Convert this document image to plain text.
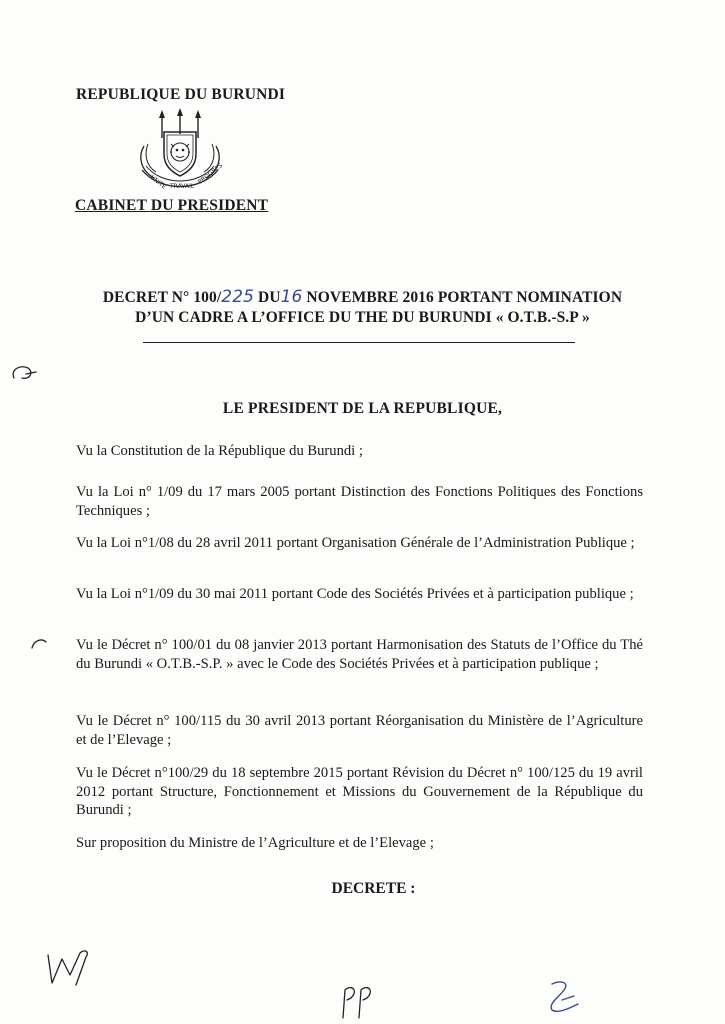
REPUBLIQUE DU BURUNDI
UNITE TRAVAIL
PROGRES
CABINET DU PRESIDENT
DECRET N° 100/225 DU16 NOVEMBRE 2016 PORTANT NOMINATION
D’UN CADRE A L’OFFICE DU THE DU BURUNDI « O.T.B.-S.P »
LE PRESIDENT DE LA REPUBLIQUE,
Vu la Constitution de la République du Burundi ;
Vu la Loi n° 1/09 du 17 mars 2005 portant Distinction des Fonctions Politiques des Fonctions Techniques ;
Vu la Loi n°1/08 du 28 avril 2011 portant Organisation Générale de l’Administration Publique ;
Vu la Loi n°1/09 du 30 mai 2011 portant Code des Sociétés Privées et à participation publique ;
Vu le Décret n° 100/01 du 08 janvier 2013 portant Harmonisation des Statuts de l’Office du Thé du Burundi « O.T.B.-S.P. » avec le Code des Sociétés Privées et à participation publique ;
Vu le Décret n° 100/115 du 30 avril 2013 portant Réorganisation du Ministère de l’Agriculture et de l’Elevage ;
Vu le Décret n°100/29 du 18 septembre 2015 portant Révision du Décret n° 100/125 du 19 avril 2012 portant Structure, Fonctionnement et Missions du Gouvernement de la République du Burundi ;
Sur proposition du Ministre de l’Agriculture et de l’Elevage ;
DECRETE :
